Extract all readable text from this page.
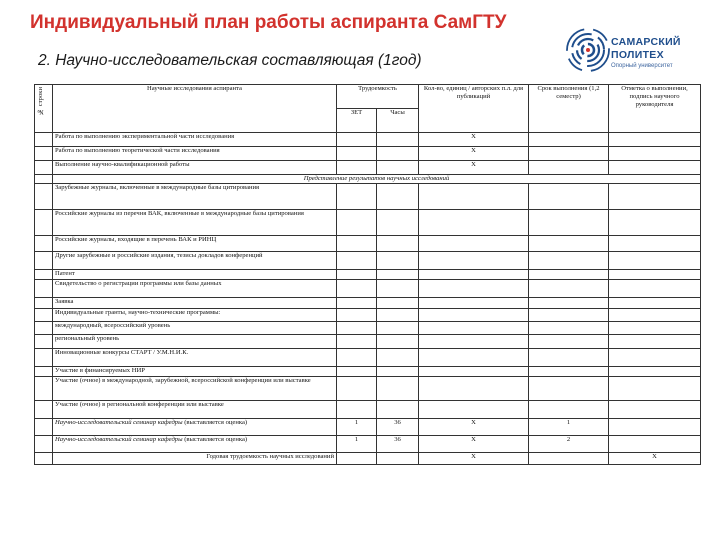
Индивидуальный план работы аспиранта СамГТУ
2. Научно-исследовательская составляющая (1год)
САМАРСКИЙ
ПОЛИТЕХ
Опорный университет
№ строки	Научные исследования аспиранта	Трудоемкость		Кол-во, единиц / авторских п.л. для публикаций	Срок выполнения (1,2 семестр)	Отметка о выполнении, подпись научного руководителя
		ЗЕТ	Часы			
	Работа по выполнению экспериментальной части исследования			X		
	Работа по выполнению теоретической части исследования			X		
	Выполнение научно-квалификационной работы			X		
	Представление результатов научных исследований					
	Зарубежные журналы, включенные в международные базы цитирования					
	Российские журналы из перечня ВАК, включенные в международные базы цитирования					
	Российские журналы, входящие в перечень ВАК и РИНЦ					
	Другие зарубежные и российские издания, тезисы докладов конференций					
	Патент					
	Свидетельство о регистрации программы или базы данных					
	Заявка					
	Индивидуальные гранты, научно-технические программы:					
	международный, всероссийский уровень					
	региональный уровень					
	Инновационные конкурсы СТАРТ / У.М.Н.И.К.					
	Участие в финансируемых НИР					
	Участие (очное) в международной, зарубежной, всероссийской конференции или выставке					
	Участие (очное) в региональной конференции или выставке					
	Научно-исследовательский семинар кафедры (выставляется оценка)	1	36	X	1	
	Научно-исследовательский семинар кафедры (выставляется оценка)	1	36	X	2	
	Годовая трудоемкость научных исследований			X		X
